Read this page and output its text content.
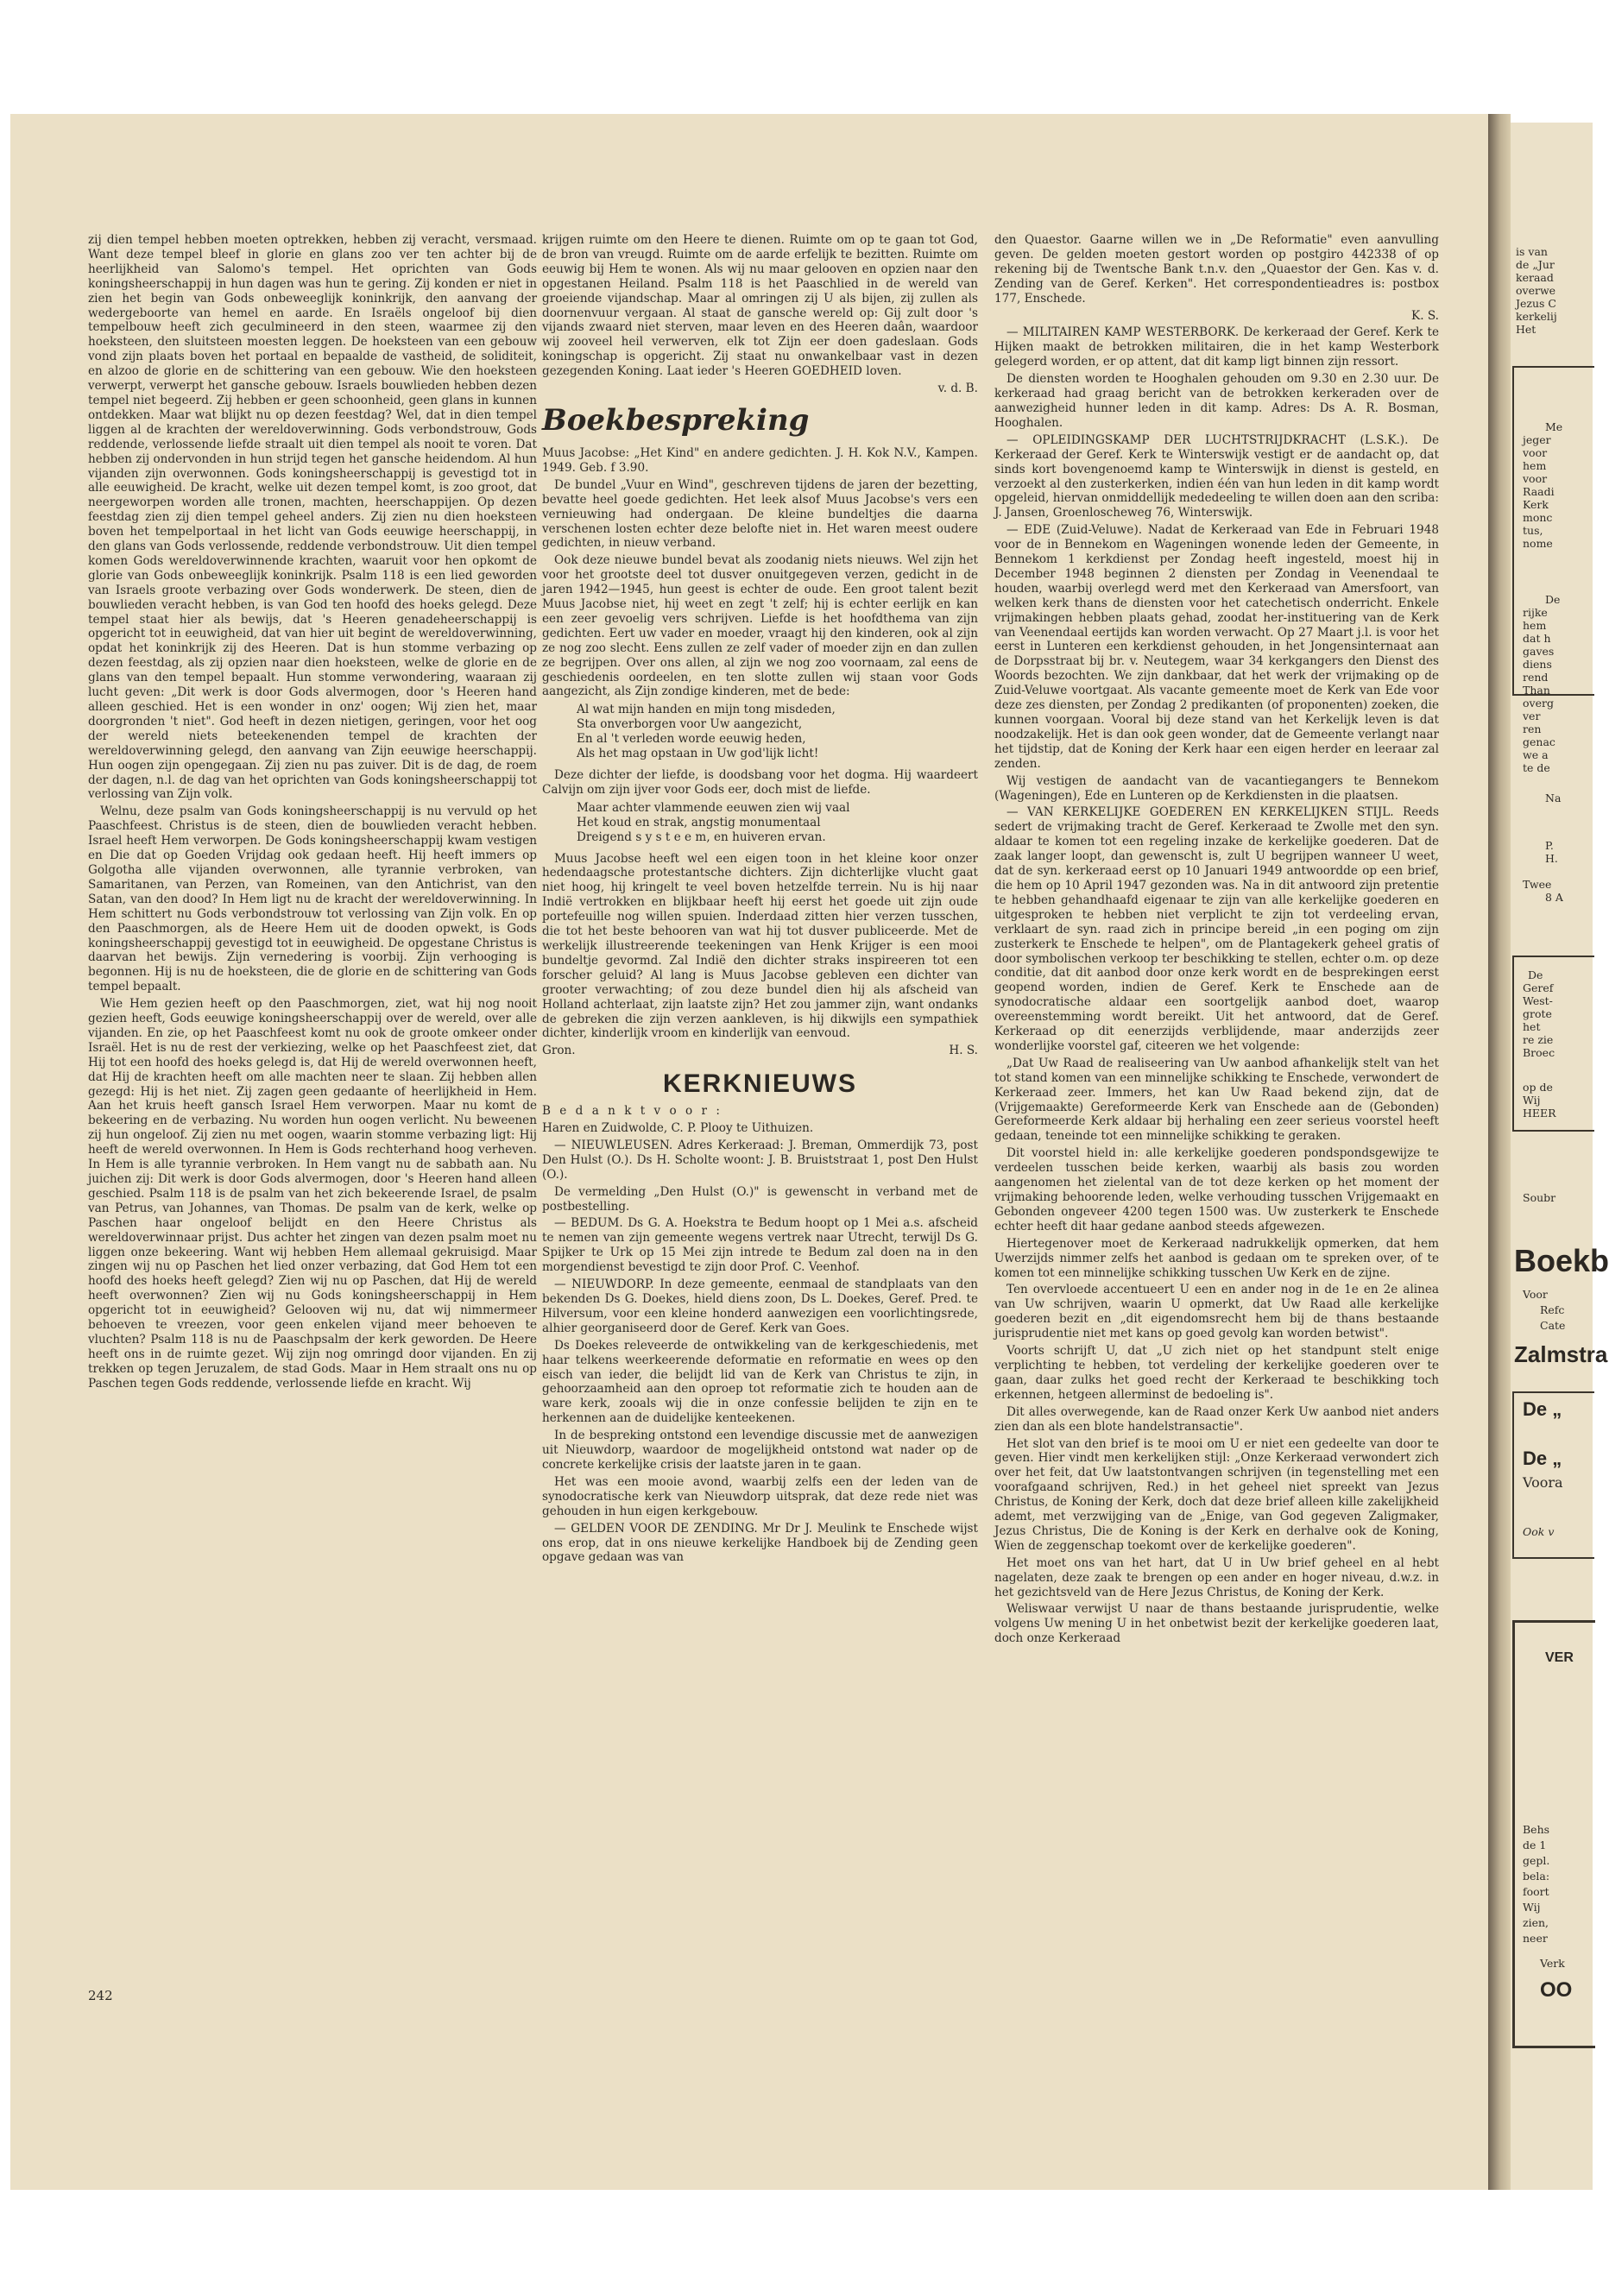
zij dien tempel hebben moeten optrekken, hebben zij veracht, versmaad. Want deze tempel bleef in glorie en glans zoo ver ten achter bij de heerlijkheid van Salomo's tempel. Het oprichten van Gods koningsheerschappij in hun dagen was hun te gering. Zij konden er niet in zien het begin van Gods onbeweeglijk koninkrijk, den aanvang der wedergeboorte van hemel en aarde. En Israëls ongeloof bij dien tempelbouw heeft zich geculmineerd in den steen, waarmee zij den hoeksteen, den sluitsteen moesten leggen. De hoeksteen van een gebouw vond zijn plaats boven het portaal en bepaalde de vastheid, de soliditeit, en alzoo de glorie en de schittering van een gebouw. Wie den hoeksteen verwerpt, verwerpt het gansche gebouw. Israels bouwlieden hebben dezen tempel niet begeerd. Zij hebben er geen schoonheid, geen glans in kunnen ontdekken. Maar wat blijkt nu op dezen feestdag? Wel, dat in dien tempel liggen al de krachten der wereldoverwinning. Gods verbondstrouw, Gods reddende, verlossende liefde straalt uit dien tempel als nooit te voren. Dat hebben zij ondervonden in hun strijd tegen het gansche heidendom. Al hun vijanden zijn overwonnen. Gods koningsheerschappij is gevestigd tot in alle eeuwigheid. De kracht, welke uit dezen tempel komt, is zoo groot, dat neergeworpen worden alle tronen, machten, heerschappijen. Op dezen feestdag zien zij dien tempel geheel anders. Zij zien nu dien hoeksteen boven het tempelportaal in het licht van Gods eeuwige heerschappij, in den glans van Gods verlossende, reddende verbondstrouw. Uit dien tempel komen Gods wereldoverwinnende krachten, waaruit voor hen opkomt de glorie van Gods onbeweeglijk koninkrijk. Psalm 118 is een lied geworden van Israels groote verbazing over Gods wonderwerk. De steen, dien de bouwlieden veracht hebben, is van God ten hoofd des hoeks gelegd. Deze tempel staat hier als bewijs, dat 's Heeren genadeheerschappij is opgericht tot in eeuwigheid, dat van hier uit begint de wereldoverwinning, opdat het koninkrijk zij des Heeren. Dat is hun stomme verbazing op dezen feestdag, als zij opzien naar dien hoeksteen, welke de glorie en de glans van den tempel bepaalt. Hun stomme verwondering, waaraan zij lucht geven: „Dit werk is door Gods alvermogen, door 's Heeren hand alleen geschied. Het is een wonder in onz' oogen; Wij zien het, maar doorgronden 't niet". God heeft in dezen nietigen, geringen, voor het oog der wereld niets beteekenenden tempel de krachten der wereldoverwinning gelegd, den aanvang van Zijn eeuwige heerschappij. Hun oogen zijn opengegaan. Zij zien nu pas zuiver. Dit is de dag, de roem der dagen, n.l. de dag van het oprichten van Gods koningsheerschappij tot verlossing van Zijn volk.

Welnu, deze psalm van Gods koningsheerschappij is nu vervuld op het Paaschfeest. Christus is de steen, dien de bouwlieden veracht hebben. Israel heeft Hem verworpen. De Gods koningsheerschappij kwam vestigen en Die dat op Goeden Vrijdag ook gedaan heeft. Hij heeft immers op Golgotha alle vijanden overwonnen, alle tyrannie verbroken, van Samaritanen, van Perzen, van Romeinen, van den Antichrist, van den Satan, van den dood? In Hem ligt nu de kracht der wereldoverwinning. In Hem schittert nu Gods verbondstrouw tot verlossing van Zijn volk. En op den Paaschmorgen, als de Heere Hem uit de dooden opwekt, is Gods koningsheerschappij gevestigd tot in eeuwigheid. De opgestane Christus is daarvan het bewijs. Zijn vernedering is voorbij. Zijn verhooging is begonnen. Hij is nu de hoeksteen, die de glorie en de schittering van Gods tempel bepaalt.

Wie Hem gezien heeft op den Paaschmorgen, ziet, wat hij nog nooit gezien heeft, Gods eeuwige koningsheerschappij over de wereld, over alle vijanden. En zie, op het Paaschfeest komt nu ook de groote omkeer onder Israël. Het is nu de rest der verkiezing, welke op het Paaschfeest ziet, dat Hij tot een hoofd des hoeks gelegd is, dat Hij de wereld overwonnen heeft, dat Hij de krachten heeft om alle machten neer te slaan. Zij hebben allen gezegd: Hij is het niet. Zij zagen geen gedaante of heerlijkheid in Hem. Aan het kruis heeft gansch Israel Hem verworpen. Maar nu komt de bekeering en de verbazing. Nu worden hun oogen verlicht. Nu beweenen zij hun ongeloof. Zij zien nu met oogen, waarin stomme verbazing ligt: Hij heeft de wereld overwonnen. In Hem is Gods rechterhand hoog verheven. In Hem is alle tyrannie verbroken. In Hem vangt nu de sabbath aan. Nu juichen zij: Dit werk is door Gods alvermogen, door 's Heeren hand alleen geschied. Psalm 118 is de psalm van het zich bekeerende Israel, de psalm van Petrus, van Johannes, van Thomas. De psalm van de kerk, welke op Paschen haar ongeloof belijdt en den Heere Christus als wereldoverwinnaar prijst. Dus achter het zingen van dezen psalm moet nu liggen onze bekeering. Want wij hebben Hem allemaal gekruisigd. Maar zingen wij nu op Paschen het lied onzer verbazing, dat God Hem tot een hoofd des hoeks heeft gelegd? Zien wij nu op Paschen, dat Hij de wereld heeft overwonnen? Zien wij nu Gods koningsheerschappij in Hem opgericht tot in eeuwigheid? Gelooven wij nu, dat wij nimmermeer behoeven te vreezen, voor geen enkelen vijand meer behoeven te vluchten? Psalm 118 is nu de Paaschpsalm der kerk geworden. De Heere heeft ons in de ruimte gezet. Wij zijn nog omringd door vijanden. En zij trekken op tegen Jeruzalem, de stad Gods. Maar in Hem straalt ons nu op Paschen tegen Gods reddende, verlossende liefde en kracht. Wij

242

krijgen ruimte om den Heere te dienen. Ruimte om op te gaan tot God, de bron van vreugd. Ruimte om de aarde erfelijk te bezitten. Ruimte om eeuwig bij Hem te wonen. Als wij nu maar gelooven en opzien naar den opgestanen Heiland. Psalm 118 is het Paaschlied in de wereld van groeiende vijandschap. Maar al omringen zij U als bijen, zij zullen als doornenvuur vergaan. Al staat de gansche wereld op: Gij zult door 's vijands zwaard niet sterven, maar leven en des Heeren daân, waardoor wij zooveel heil verwerven, elk tot Zijn eer doen gadeslaan. Gods koningschap is opgericht. Zij staat nu onwankelbaar vast in dezen gezegenden Koning. Laat ieder 's Heeren GOEDHEID loven.

v. d. B.

Boekbespreking

Muus Jacobse: „Het Kind" en andere gedichten. J. H. Kok N.V., Kampen. 1949. Geb. f 3.90.

De bundel „Vuur en Wind", geschreven tijdens de jaren der bezetting, bevatte heel goede gedichten. Het leek alsof Muus Jacobse's vers een vernieuwing had ondergaan. De kleine bundeltjes die daarna verschenen losten echter deze belofte niet in. Het waren meest oudere gedichten, in nieuw verband.

Ook deze nieuwe bundel bevat als zoodanig niets nieuws. Wel zijn het voor het grootste deel tot dusver onuitgegeven verzen, gedicht in de jaren 1942—1945, hun geest is echter de oude. Een groot talent bezit Muus Jacobse niet, hij weet en zegt 't zelf; hij is echter eerlijk en kan een zeer gevoelig vers schrijven. Liefde is het hoofdthema van zijn gedichten. Eert uw vader en moeder, vraagt hij den kinderen, ook al zijn ze nog zoo slecht. Eens zullen ze zelf vader of moeder zijn en dan zullen ze begrijpen. Over ons allen, al zijn we nog zoo voornaam, zal eens de geschiedenis oordeelen, en ten slotte zullen wij staan voor Gods aangezicht, als Zijn zondige kinderen, met de bede:

Al wat mijn handen en mijn tong misdeden,
Sta onverborgen voor Uw aangezicht,
En al 't verleden worde eeuwig heden,
Als het mag opstaan in Uw god'lijk licht!

Deze dichter der liefde, is doodsbang voor het dogma. Hij waardeert Calvijn om zijn ijver voor Gods eer, doch mist de liefde.

Maar achter vlammende eeuwen zien wij vaal
Het koud en strak, angstig monumentaal
Dreigend s y s t e e m, en huiveren ervan.

Muus Jacobse heeft wel een eigen toon in het kleine koor onzer hedendaagsche protestantsche dichters. Zijn dichterlijke vlucht gaat niet hoog, hij kringelt te veel boven hetzelfde terrein. Nu is hij naar Indië vertrokken en blijkbaar heeft hij eerst het goede uit zijn oude portefeuille nog willen spuien. Inderdaad zitten hier verzen tusschen, die tot het beste behooren van wat hij tot dusver publiceerde. Met de werkelijk illustreerende teekeningen van Henk Krijger is een mooi bundeltje gevormd. Zal Indië den dichter straks inspireeren tot een forscher geluid? Al lang is Muus Jacobse gebleven een dichter van grooter verwachting; of zou deze bundel dien hij als afscheid van Holland achterlaat, zijn laatste zijn? Het zou jammer zijn, want ondanks de gebreken die zijn verzen aankleven, is hij dikwijls een sympathiek dichter, kinderlijk vroom en kinderlijk van eenvoud.

Gron.	H. S.
KERKNIEUWS

B e d a n k t v o o r :

Haren en Zuidwolde, C. P. Plooy te Uithuizen.

— NIEUWLEUSEN. Adres Kerkeraad: J. Breman, Ommerdijk 73, post Den Hulst (O.). Ds H. Scholte woont: J. B. Bruiststraat 1, post Den Hulst (O.).

De vermelding „Den Hulst (O.)" is gewenscht in verband met de postbestelling.

— BEDUM. Ds G. A. Hoekstra te Bedum hoopt op 1 Mei a.s. afscheid te nemen van zijn gemeente wegens vertrek naar Utrecht, terwijl Ds G. Spijker te Urk op 15 Mei zijn intrede te Bedum zal doen na in den morgendienst bevestigd te zijn door Prof. C. Veenhof.

— NIEUWDORP. In deze gemeente, eenmaal de standplaats van den bekenden Ds G. Doekes, hield diens zoon, Ds L. Doekes, Geref. Pred. te Hilversum, voor een kleine honderd aanwezigen een voorlichtingsrede, alhier georganiseerd door de Geref. Kerk van Goes.

Ds Doekes releveerde de ontwikkeling van de kerkgeschiedenis, met haar telkens weerkeerende deformatie en reformatie en wees op den eisch van ieder, die belijdt lid van de Kerk van Christus te zijn, in gehoorzaamheid aan den oproep tot reformatie zich te houden aan de ware kerk, zooals wij die in onze confessie belijden te zijn en te herkennen aan de duidelijke kenteekenen.

In de bespreking ontstond een levendige discussie met de aanwezigen uit Nieuwdorp, waardoor de mogelijkheid ontstond wat nader op de concrete kerkelijke crisis der laatste jaren in te gaan.

Het was een mooie avond, waarbij zelfs een der leden van de synodocratische kerk van Nieuwdorp uitsprak, dat deze rede niet was gehouden in hun eigen kerkgebouw.

— GELDEN VOOR DE ZENDING. Mr Dr J. Meulink te Enschede wijst ons erop, dat in ons nieuwe kerkelijke Handboek bij de Zending geen opgave gedaan was van

den Quaestor. Gaarne willen we in „De Reformatie" even aanvulling geven. De gelden moeten gestort worden op postgiro 442338 of op rekening bij de Twentsche Bank t.n.v. den „Quaestor der Gen. Kas v. d. Zending van de Geref. Kerken". Het correspondentieadres is: postbox 177, Enschede.

K. S.

— MILITAIREN KAMP WESTERBORK. De kerkeraad der Geref. Kerk te Hijken maakt de betrokken militairen, die in het kamp Westerbork gelegerd worden, er op attent, dat dit kamp ligt binnen zijn ressort.

De diensten worden te Hooghalen gehouden om 9.30 en 2.30 uur. De kerkeraad had graag bericht van de betrokken kerkeraden over de aanwezigheid hunner leden in dit kamp. Adres: Ds A. R. Bosman, Hooghalen.

— OPLEIDINGSKAMP DER LUCHTSTRIJDKRACHT (L.S.K.). De Kerkeraad der Geref. Kerk te Winterswijk vestigt er de aandacht op, dat sinds kort bovengenoemd kamp te Winterswijk in dienst is gesteld, en verzoekt al den zusterkerken, indien één van hun leden in dit kamp wordt opgeleid, hiervan onmiddellijk mededeeling te willen doen aan den scriba: J. Jansen, Groenloscheweg 76, Winterswijk.

— EDE (Zuid-Veluwe). Nadat de Kerkeraad van Ede in Februari 1948 voor de in Bennekom en Wageningen wonende leden der Gemeente, in Bennekom 1 kerkdienst per Zondag heeft ingesteld, moest hij in December 1948 beginnen 2 diensten per Zondag in Veenendaal te houden, waarbij overlegd werd met den Kerkeraad van Amersfoort, van welken kerk thans de diensten voor het catechetisch onderricht. Enkele vrijmakingen hebben plaats gehad, zoodat her-instituering van de Kerk van Veenendaal eertijds kan worden verwacht. Op 27 Maart j.l. is voor het eerst in Lunteren een kerkdienst gehouden, in het Jongensinternaat aan de Dorpsstraat bij br. v. Neutegem, waar 34 kerkgangers den Dienst des Woords bezochten. We zijn dankbaar, dat het werk der vrijmaking op de Zuid-Veluwe voortgaat. Als vacante gemeente moet de Kerk van Ede voor deze zes diensten, per Zondag 2 predikanten (of proponenten) zoeken, die kunnen voorgaan. Vooral bij deze stand van het Kerkelijk leven is dat noodzakelijk. Het is dan ook geen wonder, dat de Gemeente verlangt naar het tijdstip, dat de Koning der Kerk haar een eigen herder en leeraar zal zenden.

Wij vestigen de aandacht van de vacantiegangers te Bennekom (Wageningen), Ede en Lunteren op de Kerkdiensten in die plaatsen.

— VAN KERKELIJKE GOEDEREN EN KERKELIJKEN STIJL. Reeds sedert de vrijmaking tracht de Geref. Kerkeraad te Zwolle met den syn. aldaar te komen tot een regeling inzake de kerkelijke goederen. Dat de zaak langer loopt, dan gewenscht is, zult U begrijpen wanneer U weet, dat de syn. kerkeraad eerst op 10 Januari 1949 antwoordde op een brief, die hem op 10 April 1947 gezonden was. Na in dit antwoord zijn pretentie te hebben gehandhaafd eigenaar te zijn van alle kerkelijke goederen en uitgesproken te hebben niet verplicht te zijn tot verdeeling ervan, verklaart de syn. raad zich in principe bereid „in een poging om zijn zusterkerk te Enschede te helpen", om de Plantagekerk geheel gratis of door symbolischen verkoop ter beschikking te stellen, echter o.m. op deze conditie, dat dit aanbod door onze kerk wordt en de besprekingen eerst geopend worden, indien de Geref. Kerk te Enschede aan de synodocratische aldaar een soortgelijk aanbod doet, waarop overeenstemming wordt bereikt. Uit het antwoord, dat de Geref. Kerkeraad op dit eenerzijds verblijdende, maar anderzijds zeer wonderlijke voorstel gaf, citeeren we het volgende:

„Dat Uw Raad de realiseering van Uw aanbod afhankelijk stelt van het tot stand komen van een minnelijke schikking te Enschede, verwondert de Kerkeraad zeer. Immers, het kan Uw Raad bekend zijn, dat de (Vrijgemaakte) Gereformeerde Kerk van Enschede aan de (Gebonden) Gereformeerde Kerk aldaar bij herhaling een zeer serieus voorstel heeft gedaan, teneinde tot een minnelijke schikking te geraken.

Dit voorstel hield in: alle kerkelijke goederen pondspondsgewijze te verdeelen tusschen beide kerken, waarbij als basis zou worden aangenomen het zielental van de tot deze kerken op het moment der vrijmaking behoorende leden, welke verhouding tusschen Vrijgemaakt en Gebonden ongeveer 4200 tegen 1500 was. Uw zusterkerk te Enschede echter heeft dit haar gedane aanbod steeds afgewezen.

Hiertegenover moet de Kerkeraad nadrukkelijk opmerken, dat hem Uwerzijds nimmer zelfs het aanbod is gedaan om te spreken over, of te komen tot een minnelijke schikking tusschen Uw Kerk en de zijne.

Ten overvloede accentueert U een en ander nog in de 1e en 2e alinea van Uw schrijven, waarin U opmerkt, dat Uw Raad alle kerkelijke goederen bezit en „dit eigendomsrecht hem bij de thans bestaande jurisprudentie niet met kans op goed gevolg kan worden betwist".

Voorts schrijft U, dat „U zich niet op het standpunt stelt enige verplichting te hebben, tot verdeling der kerkelijke goederen over te gaan, daar zulks het goed recht der Kerkeraad te beschikking toch erkennen, hetgeen allerminst de bedoeling is".

Dit alles overwegende, kan de Raad onzer Kerk Uw aanbod niet anders zien dan als een blote handelstransactie".

Het slot van den brief is te mooi om U er niet een gedeelte van door te geven. Hier vindt men kerkelijken stijl: „Onze Kerkeraad verwondert zich over het feit, dat Uw laatstontvangen schrijven (in tegenstelling met een voorafgaand schrijven, Red.) in het geheel niet spreekt van Jezus Christus, de Koning der Kerk, doch dat deze brief alleen kille zakelijkheid ademt, met verzwijging van de „Enige, van God gegeven Zaligmaker, Jezus Christus, Die de Koning is der Kerk en derhalve ook de Koning, Wien de zeggenschap toekomt over de kerkelijke goederen".

Het moet ons van het hart, dat U in Uw brief geheel en al hebt nagelaten, deze zaak te brengen op een ander en hoger niveau, d.w.z. in het gezichtsveld van de Here Jezus Christus, de Koning der Kerk.

Weliswaar verwijst U naar de thans bestaande jurisprudentie, welke volgens Uw mening U in het onbetwist bezit der kerkelijke goederen laat, doch onze Kerkeraad

is van
de „Jur
keraad
overwe
Jezus C
kerkelij
Het
Me
jeger
voor
hem
voor
Raadi
Kerk
monc
tus,
nome
De
rijke
hem
dat h
gaves
diens
rend
Than
overg
ver
ren
genac
we a
te de
Na
P.
H.
Twee
8 A
De
Geref
West-
grote
het
re zie
Broec
op de
Wij
HEER
Soubr
Boekb
Voor
Refc
Cate
Zalmstra
De „
De „
Voora
Ook v
VER
Behs
de 1
gepl.
bela:
foort
Wij
zien,
neer
Verk
OO
